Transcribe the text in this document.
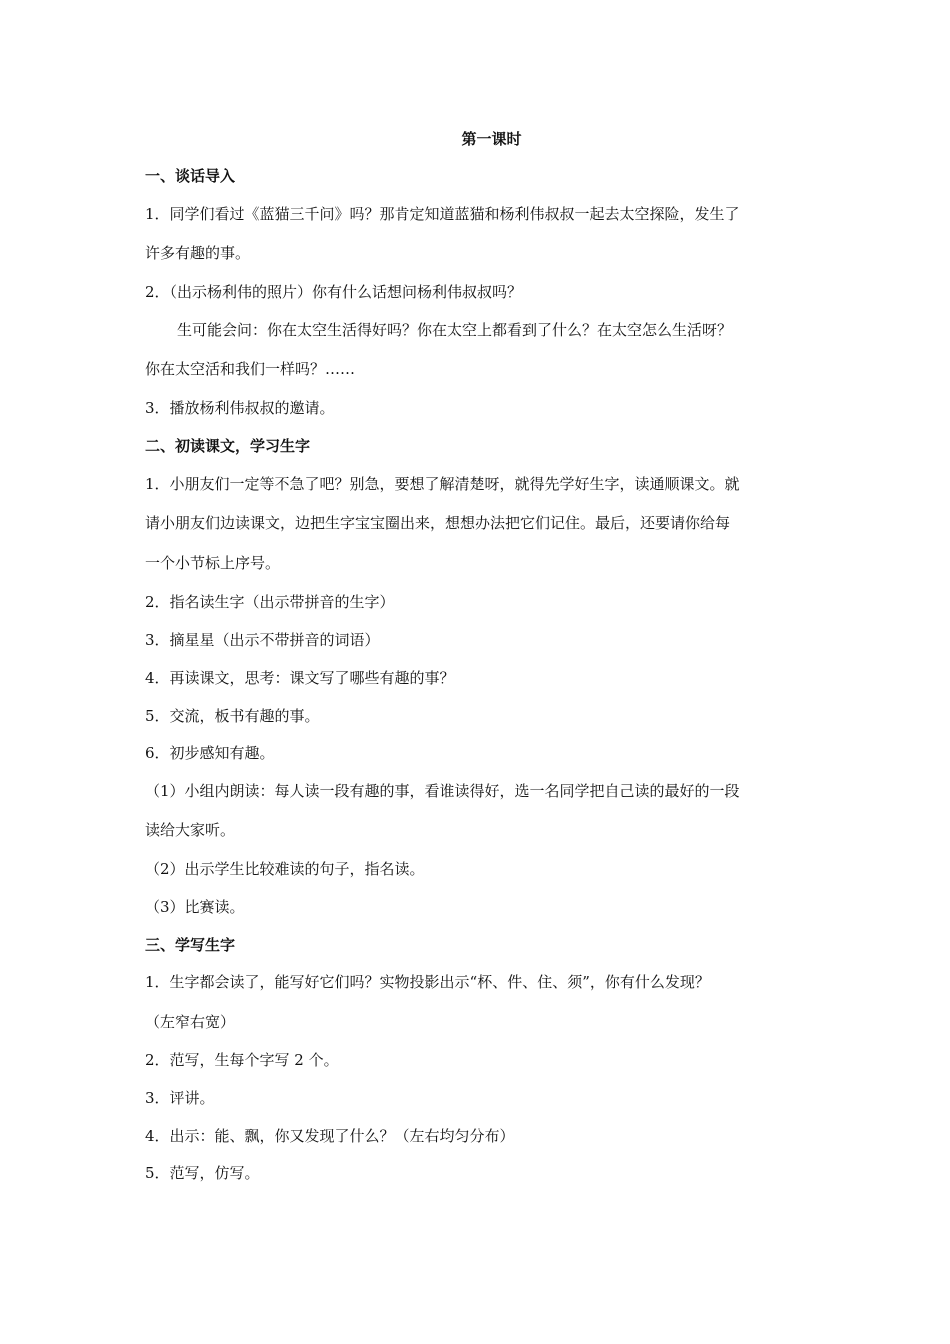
第一课时
一、谈话导入
1．同学们看过《蓝猫三千问》吗？那肯定知道蓝猫和杨利伟叔叔一起去太空探险，发生了
许多有趣的事。
2．（出示杨利伟的照片）你有什么话想问杨利伟叔叔吗？
生可能会问：你在太空生活得好吗？你在太空上都看到了什么？在太空怎么生活呀？
你在太空活和我们一样吗？……
3．播放杨利伟叔叔的邀请。
二、初读课文，学习生字
1．小朋友们一定等不急了吧？别急，要想了解清楚呀，就得先学好生字，读通顺课文。就
请小朋友们边读课文，边把生字宝宝圈出来，想想办法把它们记住。最后，还要请你给每
一个小节标上序号。
2．指名读生字（出示带拼音的生字）
3．摘星星（出示不带拼音的词语）
4．再读课文，思考：课文写了哪些有趣的事？
5．交流，板书有趣的事。
6．初步感知有趣。
（1）小组内朗读：每人读一段有趣的事，看谁读得好，选一名同学把自己读的最好的一段
读给大家听。
（2）出示学生比较难读的句子，指名读。
（3）比赛读。
三、学写生字
1．生字都会读了，能写好它们吗？实物投影出示“杯、件、住、须”，你有什么发现？
（左窄右宽）
2．范写，生每个字写 2 个。
3．评讲。
4．出示：能、飘，你又发现了什么？（左右均匀分布）
5．范写，仿写。
